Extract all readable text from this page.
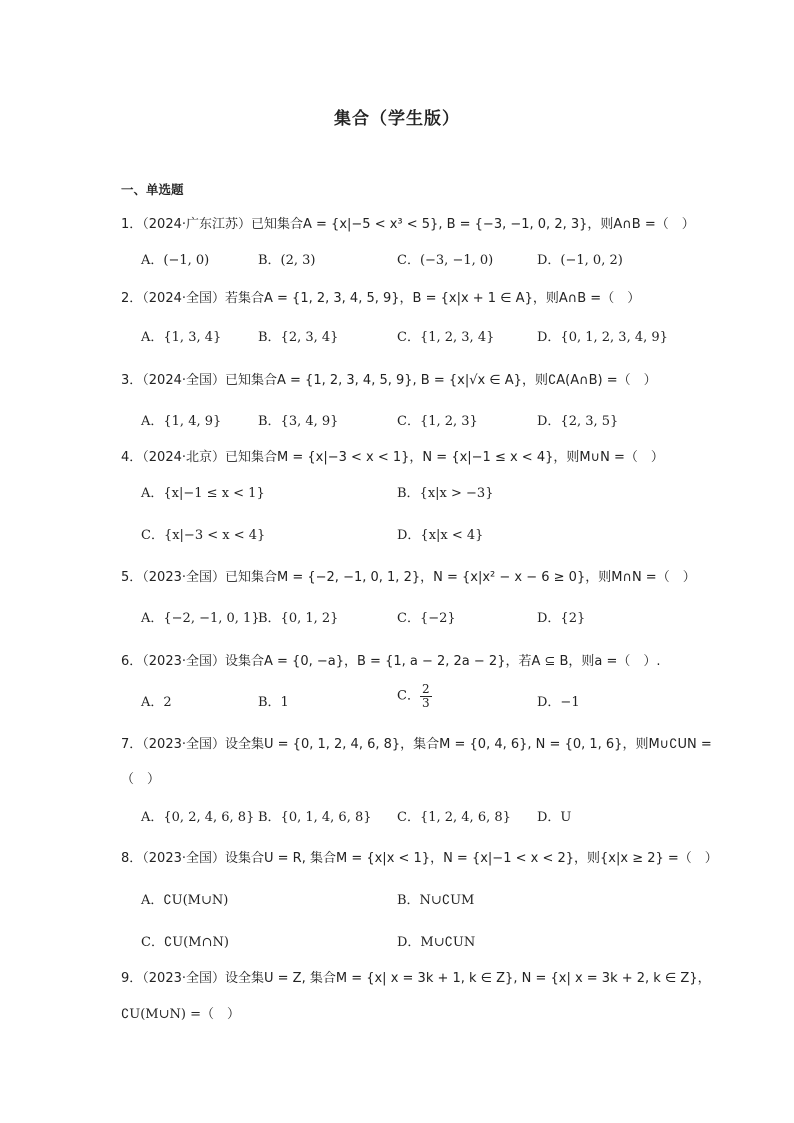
集合（学生版）
一、单选题
1．（2024·广东江苏）已知集合A = {x|−5 < x³ < 5}, B = {−3, −1, 0, 2, 3}，则A∩B =（　）
A．(−1, 0)	B．(2, 3)	C．(−3, −1, 0)	D．(−1, 0, 2)
2．（2024·全国）若集合A = {1, 2, 3, 4, 5, 9}，B = {x|x + 1 ∈ A}，则A∩B =（　）
A．{1, 3, 4}	B．{2, 3, 4}	C．{1, 2, 3, 4}	D．{0, 1, 2, 3, 4, 9}
3．（2024·全国）已知集合A = {1, 2, 3, 4, 5, 9}, B = {x|√x ∈ A}，则∁A(A∩B) =（　）
A．{1, 4, 9}	B．{3, 4, 9}	C．{1, 2, 3}	D．{2, 3, 5}
4．（2024·北京）已知集合M = {x|−3 < x < 1}，N = {x|−1 ≤ x < 4}，则M∪N =（　）
A．{x|−1 ≤ x < 1}	B．{x|x > −3}
C．{x|−3 < x < 4}	D．{x|x < 4}
5．（2023·全国）已知集合M = {−2, −1, 0, 1, 2}，N = {x|x² − x − 6 ≥ 0}，则M∩N =（　）
A．{−2, −1, 0, 1}
B．{0, 1, 2}	C．{−2}	D．{2}
6．（2023·全国）设集合A = {0, −a}，B = {1, a − 2, 2a − 2}，若A ⊆ B，则a =（　）.
A．2	B．1	C． $\frac{2}{3}$	D．−1
7．（2023·全国）设全集U = {0, 1, 2, 4, 6, 8}，集合M = {0, 4, 6}, N = {0, 1, 6}，则M∪∁UN =
（　）
A．{0, 2, 4, 6, 8} B．{0, 1, 4, 6, 8} C．{1, 2, 4, 6, 8} D．U
8．（2023·全国）设集合U = R, 集合M = {x|x < 1}，N = {x|−1 < x < 2}，则{x|x ≥ 2} =（　）
A．∁U(M∪N)	B．N∪∁UM
C．∁U(M∩N)	D．M∪∁UN
9．（2023·全国）设全集U = Z, 集合M = {x| x = 3k + 1, k ∈ Z}, N = {x| x = 3k + 2, k ∈ Z}，
∁U(M∪N) =（　）
